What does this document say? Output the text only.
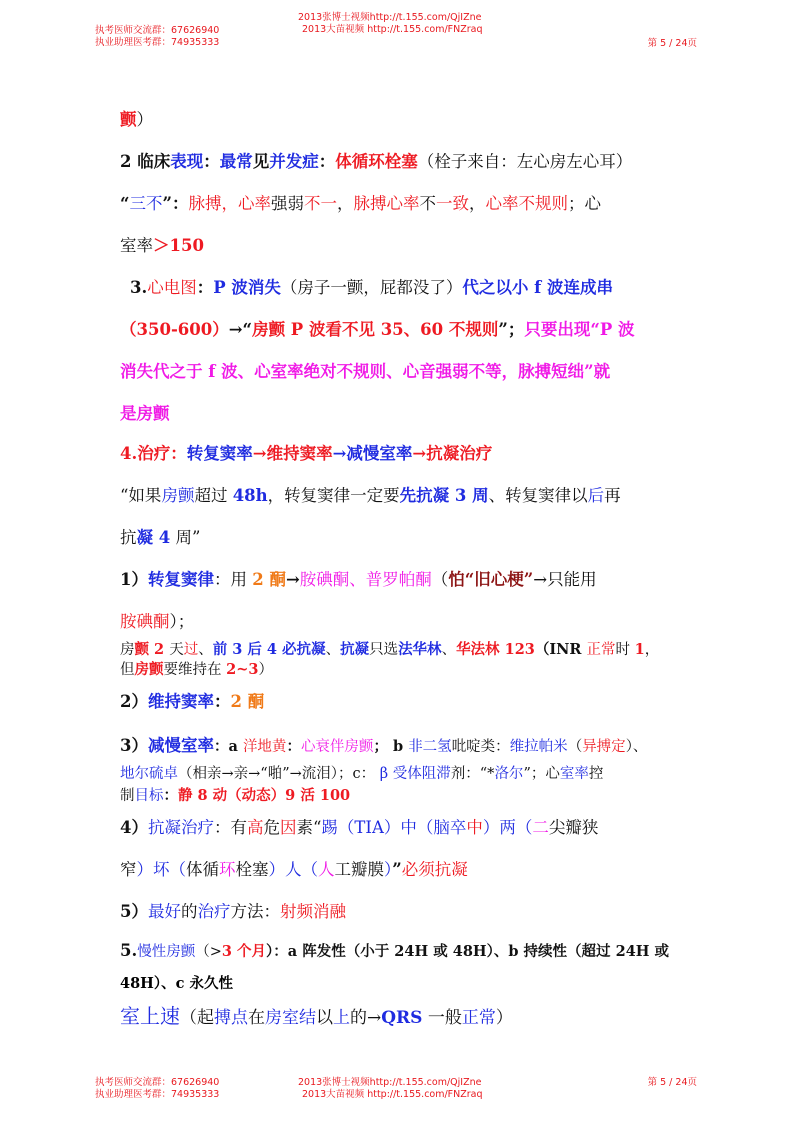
执考医师交流群：67626940
执业助理医考群：74935333
2013张博士视频http://t.155.com/QjIZne
2013大苗视频 http://t.155.com/FNZraq
第 5 / 24页
颤）
2 临床表现：最常见并发症：体循环栓塞（栓子来自：左心房左心耳）
“三不”：脉搏，心率强弱不一，脉搏心率不一致，心率不规则；心
室率＞150
3.心电图：P 波消失（房子一颤，屁都没了）代之以小 f 波连成串
（350-600）→“房颤 P 波看不见 35、60 不规则”；只要出现“P 波
消失代之于 f 波、心室率绝对不规则、心音强弱不等，脉搏短绌”就
是房颤
4.治疗：转复窦率→维持窦率→减慢室率→抗凝治疗
“如果房颤超过 48h，转复窦律一定要先抗凝 3 周、转复窦律以后再
抗凝 4 周”
1）转复窦律：用 2 酮→胺碘酮、普罗帕酮（怕“旧心梗”→只能用
胺碘酮）；
房颤 2 天过、前 3 后 4 必抗凝、抗凝只选法华林、华法林 123（INR 正常时 1，
但房颤要维持在 2~3）
2）维持窦率：2 酮
3）减慢室率：a 洋地黄：心衰伴房颤； b 非二氢吡啶类：维拉帕米（异搏定）、
地尔硫卓（相亲→亲→“啪”→流泪）；c： β 受体阻滞剂：“*洛尔”；心室率控
制目标：静 8 动（动态）9 活 100
4）抗凝治疗：有高危因素“踢（TIA）中（脑卒中）两（二尖瓣狭
窄）坏（体循环栓塞）人（人工瓣膜）”必须抗凝
5）最好的治疗方法：射频消融
5.慢性房颤（>3 个月）：a 阵发性（小于 24H 或 48H）、b 持续性（超过 24H 或
48H）、c 永久性
室上速（起搏点在房室结以上的→QRS 一般正常）
执考医师交流群：67626940
执业助理医考群：74935333
2013张博士视频http://t.155.com/QjIZne
2013大苗视频 http://t.155.com/FNZraq
第 5 / 24页
